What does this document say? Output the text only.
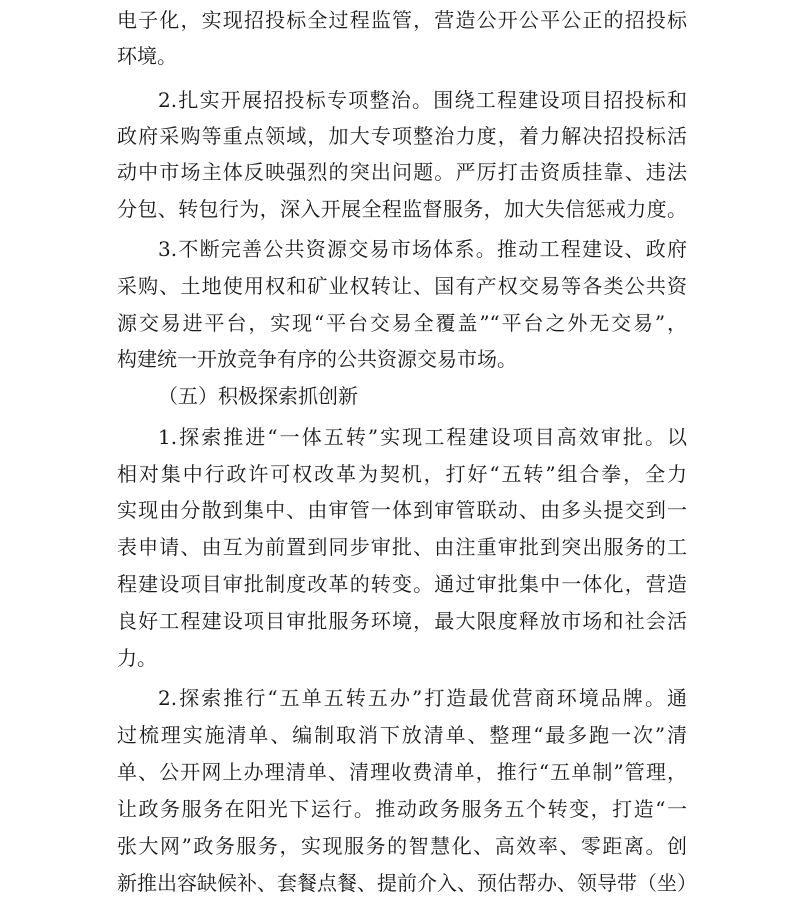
电子化，实现招投标全过程监管，营造公开公平公正的招投标
环境。
2.扎实开展招投标专项整治。围绕工程建设项目招投标和
政府采购等重点领域，加大专项整治力度，着力解决招投标活
动中市场主体反映强烈的突出问题。严厉打击资质挂靠、违法
分包、转包行为，深入开展全程监督服务，加大失信惩戒力度。
3.不断完善公共资源交易市场体系。推动工程建设、政府
采购、土地使用权和矿业权转让、国有产权交易等各类公共资
源交易进平台，实现“平台交易全覆盖”“平台之外无交易”，
构建统一开放竞争有序的公共资源交易市场。
（五）积极探索抓创新
1.探索推进“一体五转”实现工程建设项目高效审批。以
相对集中行政许可权改革为契机，打好“五转”组合拳，全力
实现由分散到集中、由审管一体到审管联动、由多头提交到一
表申请、由互为前置到同步审批、由注重审批到突出服务的工
程建设项目审批制度改革的转变。通过审批集中一体化，营造
良好工程建设项目审批服务环境，最大限度释放市场和社会活
力。
2.探索推行“五单五转五办”打造最优营商环境品牌。通
过梳理实施清单、编制取消下放清单、整理“最多跑一次”清
单、公开网上办理清单、清理收费清单，推行“五单制”管理，
让政务服务在阳光下运行。推动政务服务五个转变，打造“一
张大网”政务服务，实现服务的智慧化、高效率、零距离。创
新推出容缺候补、套餐点餐、提前介入、预估帮办、领导带（坐）
